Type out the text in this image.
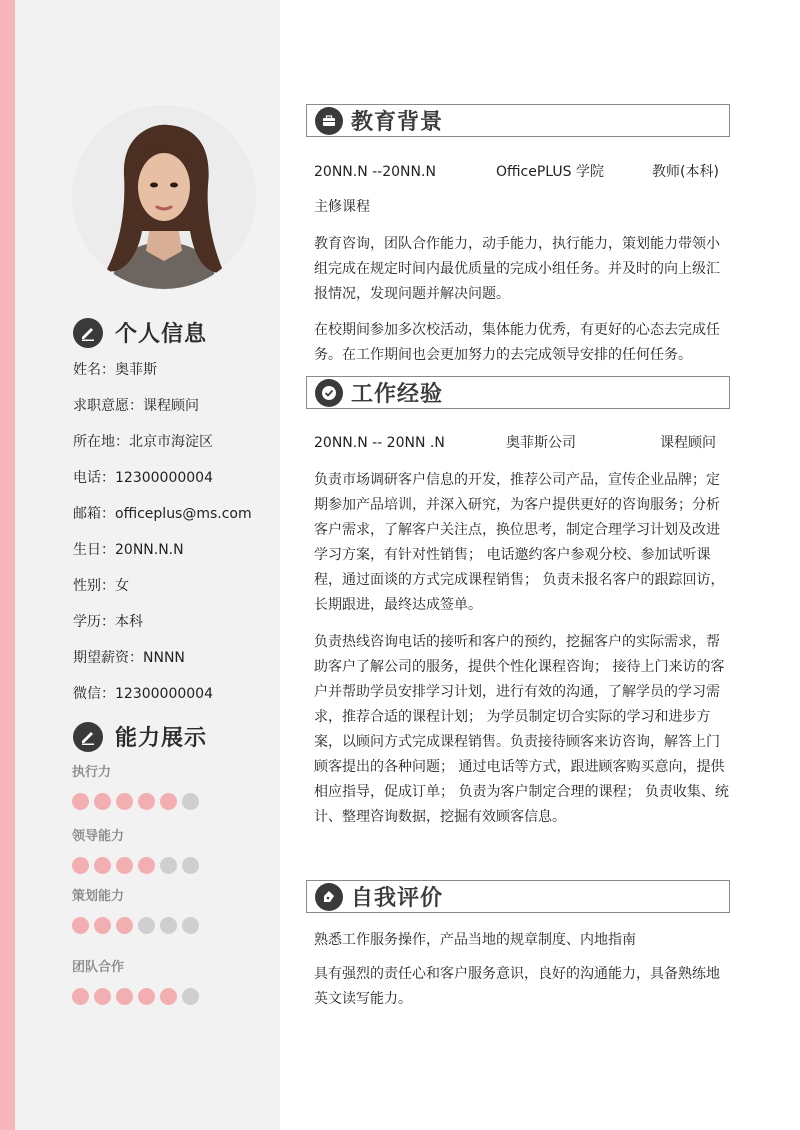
个人信息
姓名：奥菲斯
求职意愿：课程顾问
所在地：北京市海淀区
电话：12300000004
邮箱：officeplus@ms.com
生日：20NN.N.N
性别：女
学历：本科
期望薪资：NNNN
微信：12300000004
能力展示
执行力
领导能力
策划能力
团队合作
教育背景
20NN.N --20NN.N	OfficePLUS 学院	教师(本科)
主修课程
教育咨询，团队合作能力，动手能力，执行能力，策划能力带领小组完成在规定时间内最优质量的完成小组任务。并及时的向上级汇报情况，发现问题并解决问题。
在校期间参加多次校活动，集体能力优秀，有更好的心态去完成任务。在工作期间也会更加努力的去完成领导安排的任何任务。
工作经验
20NN.N -- 20NN .N	奥菲斯公司	课程顾问
负责市场调研客户信息的开发，推荐公司产品，宣传企业品牌；定期参加产品培训，并深入研究，为客户提供更好的咨询服务；分析客户需求，了解客户关注点，换位思考，制定合理学习计划及改进学习方案，有针对性销售； 电话邀约客户参观分校、参加试听课程，通过面谈的方式完成课程销售； 负责未报名客户的跟踪回访，长期跟进，最终达成签单。
负责热线咨询电话的接听和客户的预约，挖掘客户的实际需求，帮助客户了解公司的服务，提供个性化课程咨询； 接待上门来访的客户并帮助学员安排学习计划，进行有效的沟通，了解学员的学习需求，推荐合适的课程计划； 为学员制定切合实际的学习和进步方案，以顾问方式完成课程销售。负责接待顾客来访咨询，解答上门顾客提出的各种问题； 通过电话等方式，跟进顾客购买意向，提供相应指导，促成订单； 负责为客户制定合理的课程； 负责收集、统计、整理咨询数据，挖掘有效顾客信息。
自我评价
熟悉工作服务操作，产品当地的规章制度、内地指南
具有强烈的责任心和客户服务意识，良好的沟通能力，具备熟练地英文读写能力。
